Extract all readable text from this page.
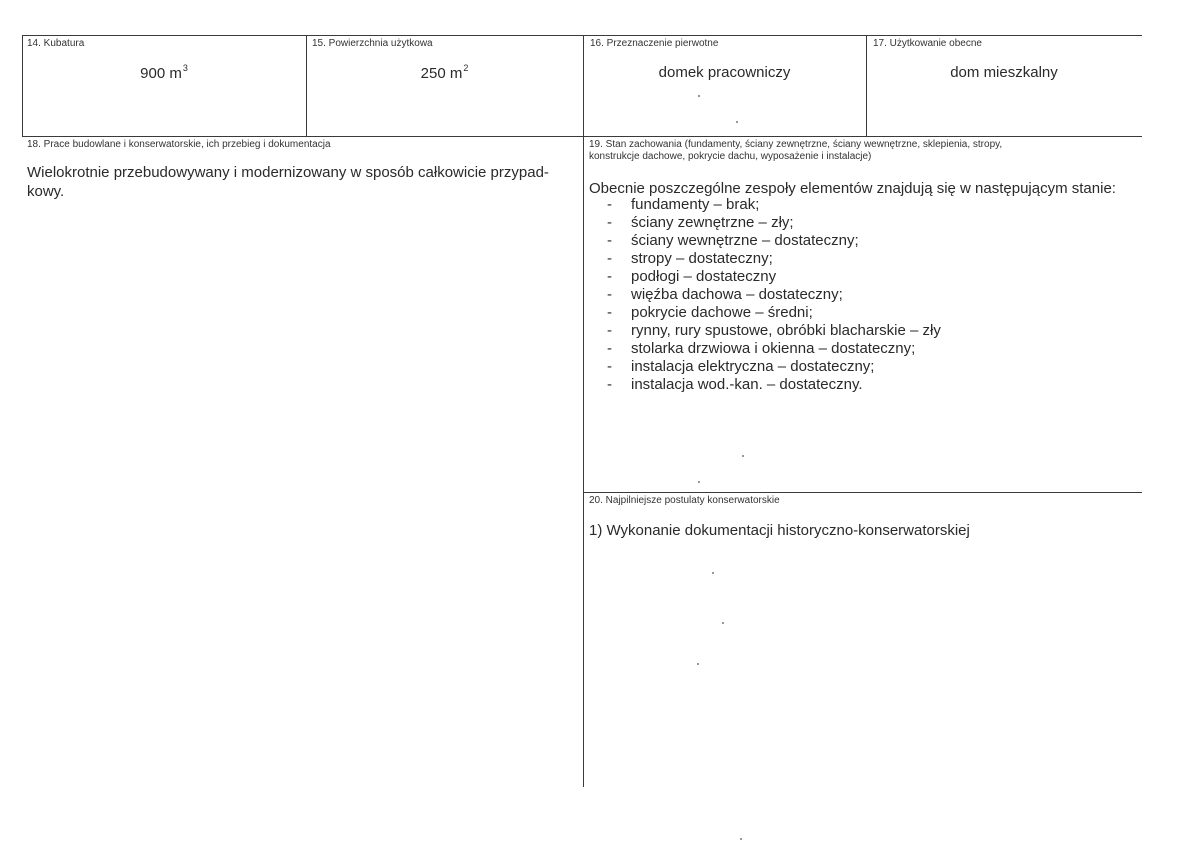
14. Kubatura
900 $m^3$
15. Powierzchnia użytkowa
250 $m^2$
16. Przeznaczenie pierwotne
domek pracowniczy
17. Użytkowanie obecne
dom mieszkalny
18. Prace budowlane i konserwatorskie, ich przebieg i dokumentacja
Wielokrotnie przebudowywany i modernizowany w sposób całkowicie przypad-
kowy.
19. Stan zachowania (fundamenty, ściany zewnętrzne, ściany wewnętrzne, sklepienia, stropy,
konstrukcje dachowe, pokrycie dachu, wyposażenie i instalacje)
Obecnie poszczególne zespoły elementów znajdują się w następującym stanie:
- fundamenty – brak;
- ściany zewnętrzne – zły;
- ściany wewnętrzne – dostateczny;
- stropy – dostateczny;
- podłogi – dostateczny
- więźba dachowa – dostateczny;
- pokrycie dachowe – średni;
- rynny, rury spustowe, obróbki blacharskie – zły
- stolarka drzwiowa i okienna – dostateczny;
- instalacja elektryczna – dostateczny;
- instalacja wod.-kan. – dostateczny.
20. Najpilniejsze postulaty konserwatorskie
1) Wykonanie dokumentacji historyczno-konserwatorskiej
